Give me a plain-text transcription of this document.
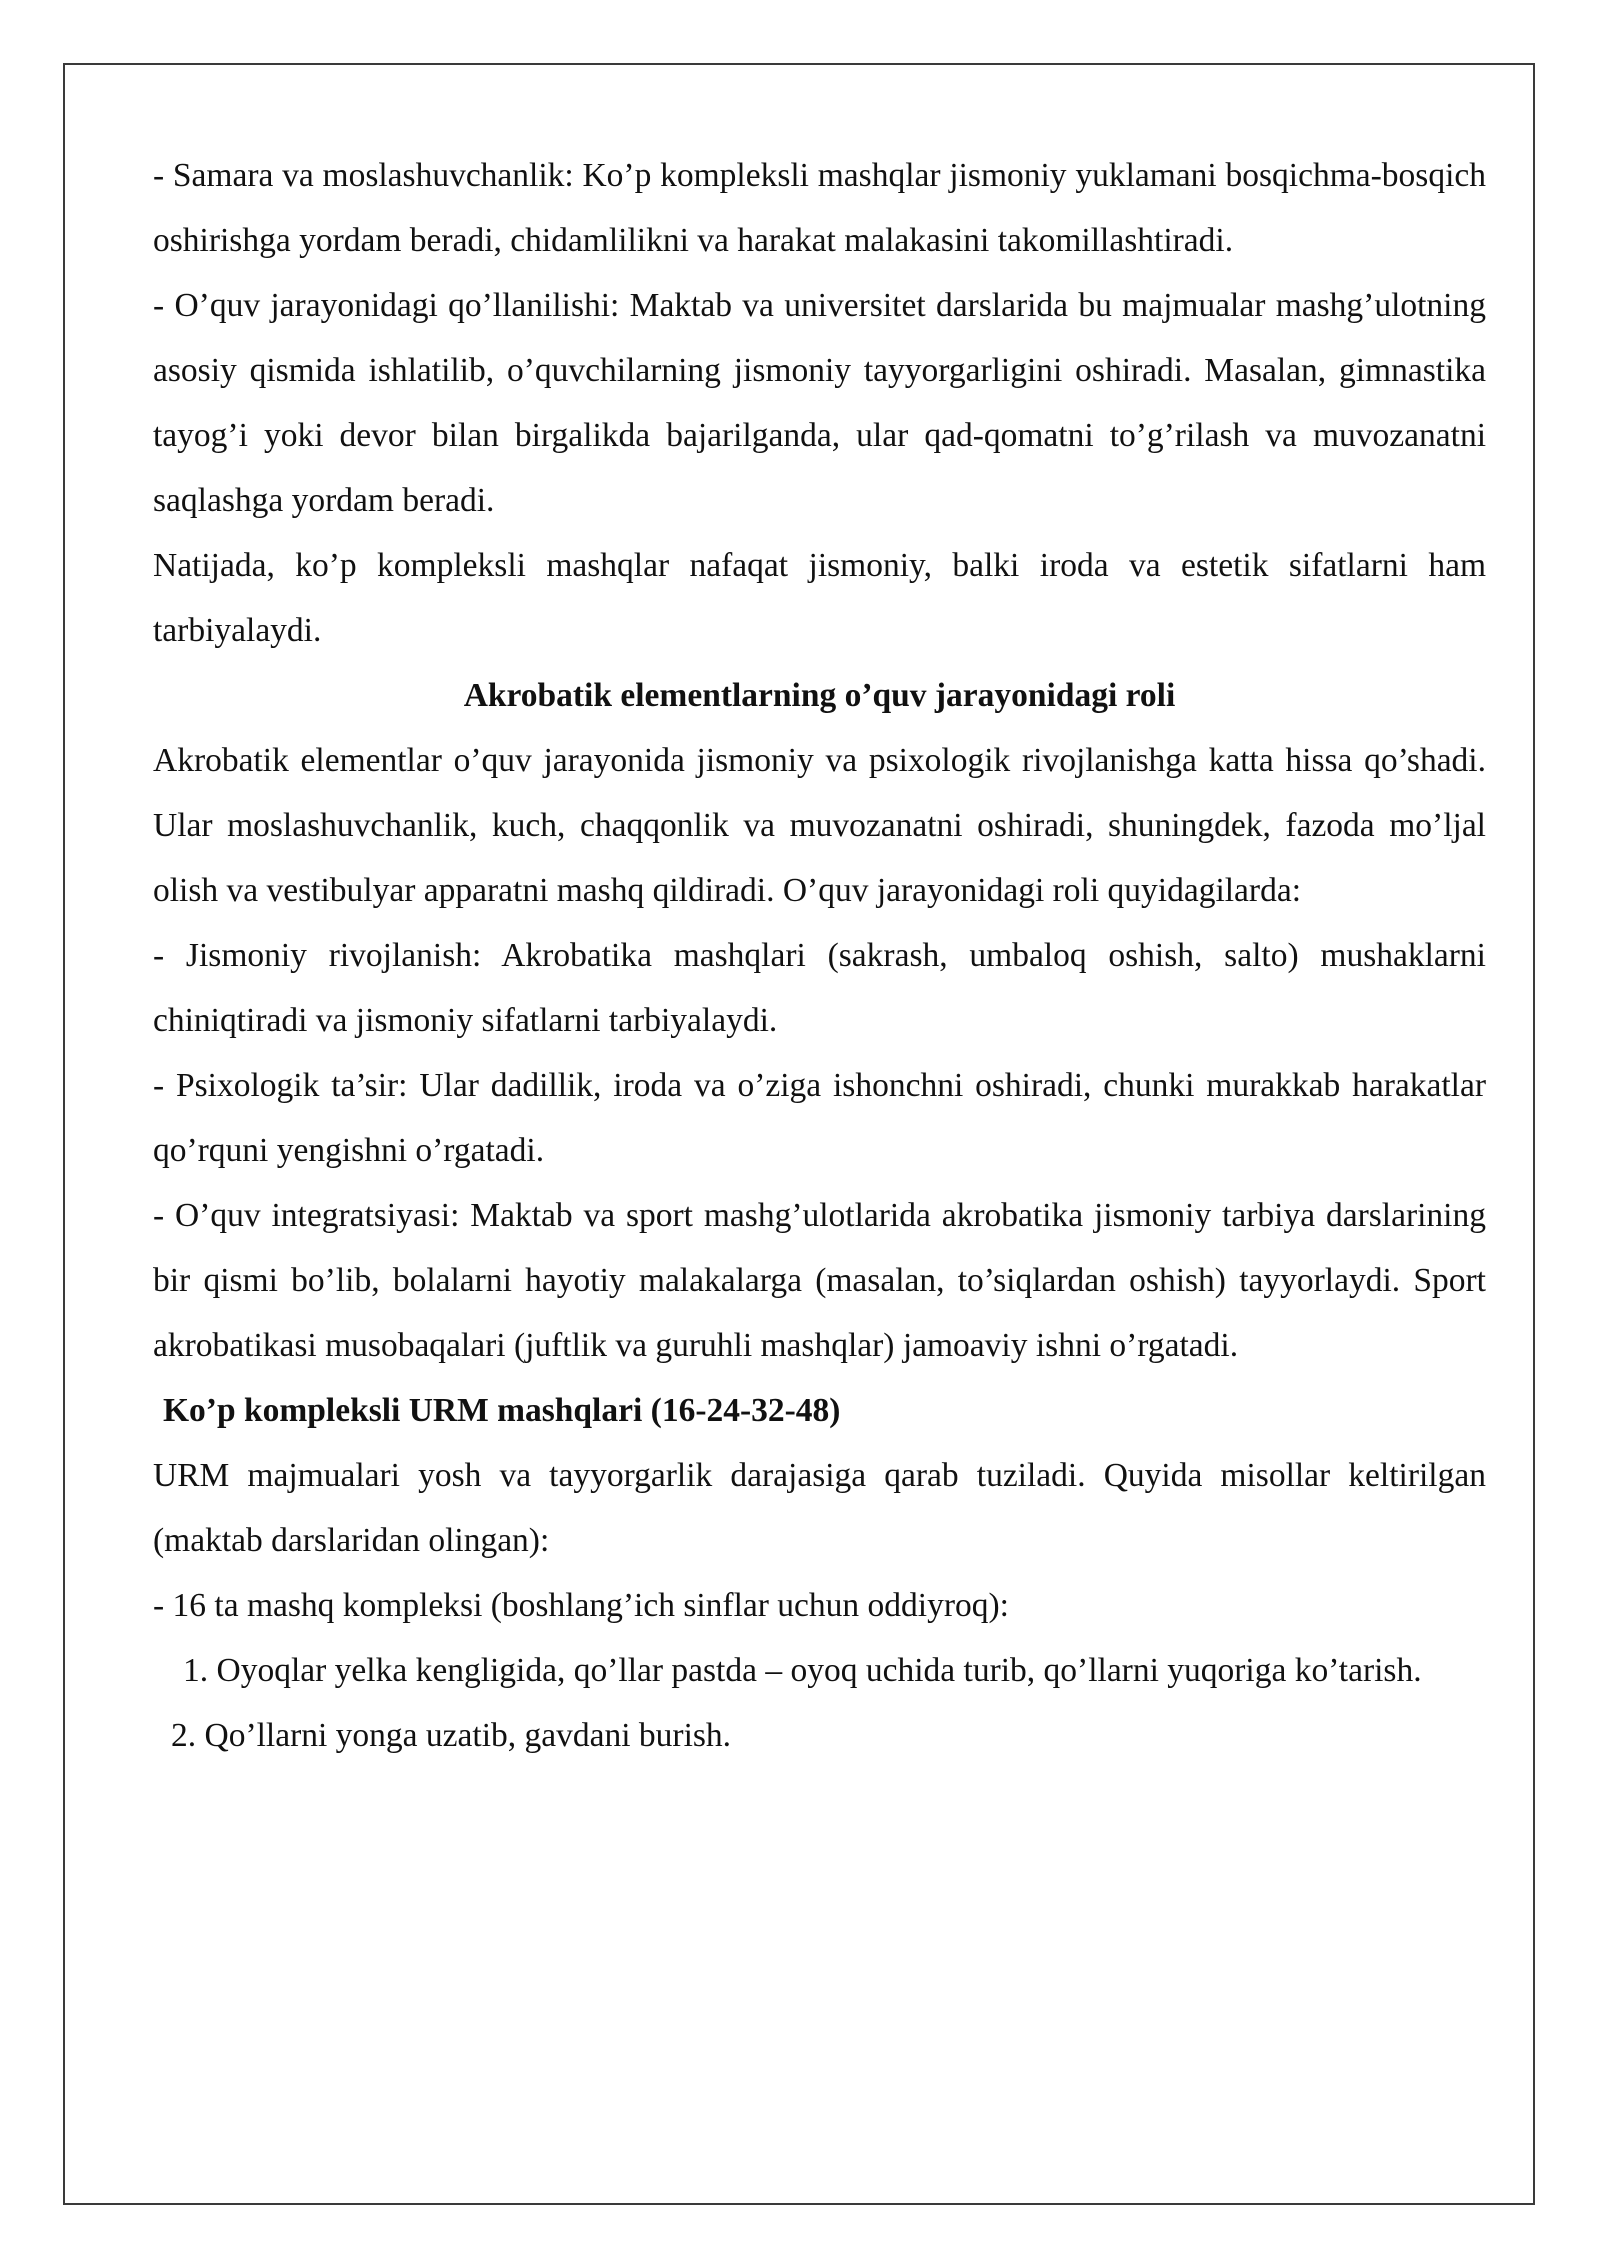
- Samara va moslashuvchanlik: Ko’p kompleksli mashqlar jismoniy yuklamani bosqichma-bosqich oshirishga yordam beradi, chidamlilikni va harakat malakasini takomillashtiradi.

- O’quv jarayonidagi qo’llanilishi: Maktab va universitet darslarida bu majmualar mashg’ulotning asosiy qismida ishlatilib, o’quvchilarning jismoniy tayyorgarligini oshiradi. Masalan, gimnastika tayog’i yoki devor bilan birgalikda bajarilganda, ular qad-qomatni to’g’rilash va muvozanatni saqlashga yordam beradi.

Natijada, ko’p kompleksli mashqlar nafaqat jismoniy, balki iroda va estetik sifatlarni ham tarbiyalaydi.

Akrobatik elementlarning o’quv jarayonidagi roli

Akrobatik elementlar o’quv jarayonida jismoniy va psixologik rivojlanishga katta hissa qo’shadi. Ular moslashuvchanlik, kuch, chaqqonlik va muvozanatni oshiradi, shuningdek, fazoda mo’ljal olish va vestibulyar apparatni mashq qildiradi. O’quv jarayonidagi roli quyidagilarda:

- Jismoniy rivojlanish: Akrobatika mashqlari (sakrash, umbaloq oshish, salto) mushaklarni chiniqtiradi va jismoniy sifatlarni tarbiyalaydi.

- Psixologik ta’sir: Ular dadillik, iroda va o’ziga ishonchni oshiradi, chunki murakkab harakatlar qo’rquni yengishni o’rgatadi.

- O’quv integratsiyasi: Maktab va sport mashg’ulotlarida akrobatika jismoniy tarbiya darslarining bir qismi bo’lib, bolalarni hayotiy malakalarga (masalan, to’siqlardan oshish) tayyorlaydi. Sport akrobatikasi musobaqalari (juftlik va guruhli mashqlar) jamoaviy ishni o’rgatadi.

Ko’p kompleksli URM mashqlari (16-24-32-48)

URM majmualari yosh va tayyorgarlik darajasiga qarab tuziladi. Quyida misollar keltirilgan (maktab darslaridan olingan):

- 16 ta mashq kompleksi (boshlang’ich sinflar uchun oddiyroq):

1. Oyoqlar yelka kengligida, qo’llar pastda – oyoq uchida turib, qo’llarni yuqoriga ko’tarish.

2. Qo’llarni yonga uzatib, gavdani burish.
